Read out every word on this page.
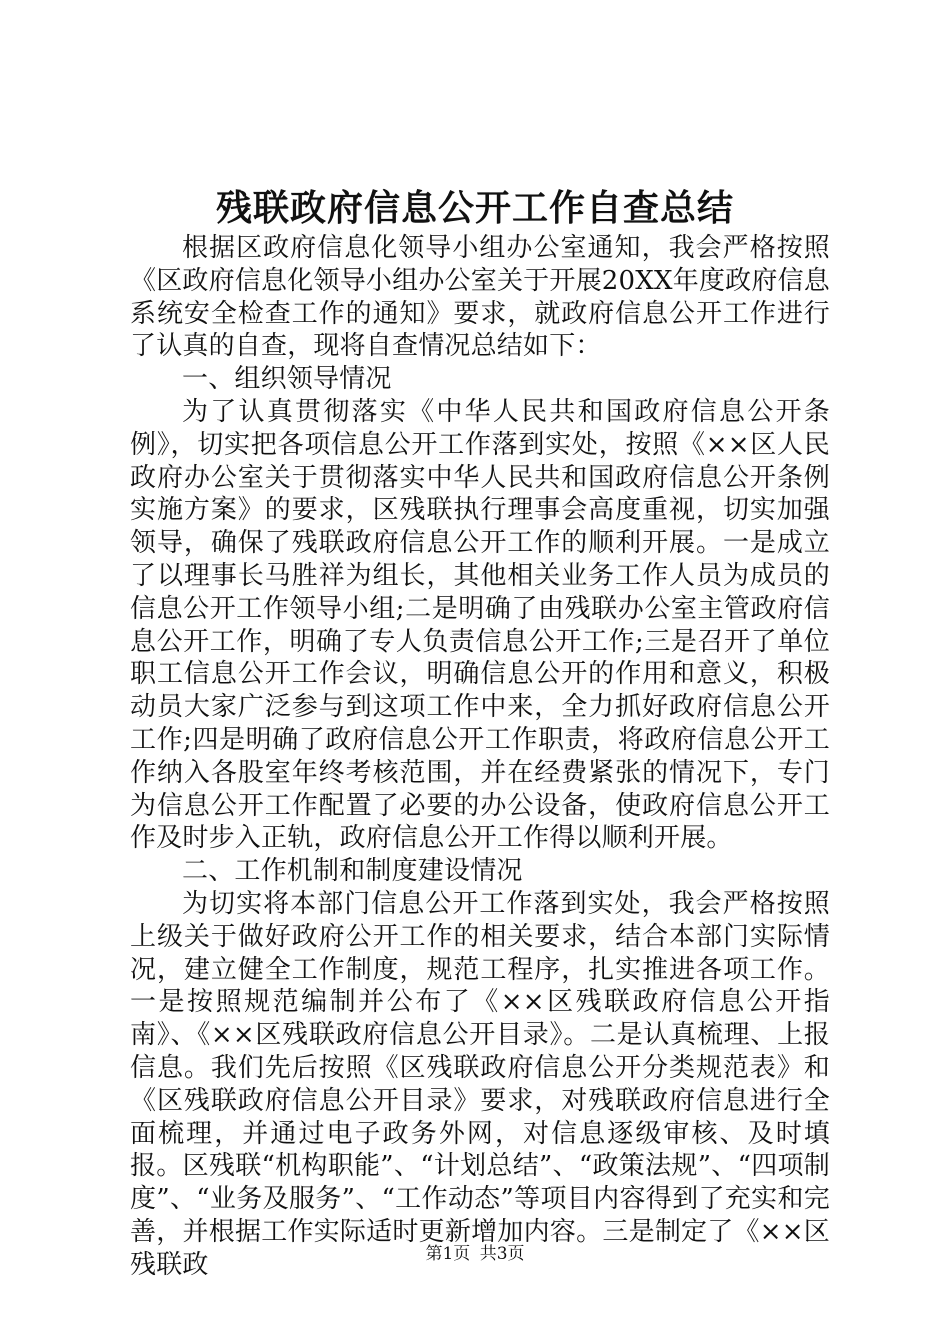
残联政府信息公开工作自查总结

根据区政府信息化领导小组办公室通知，我会严格按照《区政府信息化领导小组办公室关于开展20XX年度政府信息系统安全检查工作的通知》要求，就政府信息公开工作进行了认真的自查，现将自查情况总结如下：

一、组织领导情况

为了认真贯彻落实《中华人民共和国政府信息公开条例》，切实把各项信息公开工作落到实处，按照《××区人民政府办公室关于贯彻落实中华人民共和国政府信息公开条例实施方案》的要求，区残联执行理事会高度重视，切实加强领导，确保了残联政府信息公开工作的顺利开展。一是成立了以理事长马胜祥为组长，其他相关业务工作人员为成员的信息公开工作领导小组;二是明确了由残联办公室主管政府信息公开工作，明确了专人负责信息公开工作;三是召开了单位职工信息公开工作会议，明确信息公开的作用和意义，积极动员大家广泛参与到这项工作中来，全力抓好政府信息公开工作;四是明确了政府信息公开工作职责，将政府信息公开工作纳入各股室年终考核范围，并在经费紧张的情况下，专门为信息公开工作配置了必要的办公设备，使政府信息公开工作及时步入正轨，政府信息公开工作得以顺利开展。

二、工作机制和制度建设情况

为切实将本部门信息公开工作落到实处，我会严格按照上级关于做好政府公开工作的相关要求，结合本部门实际情况，建立健全工作制度，规范工程序，扎实推进各项工作。一是按照规范编制并公布了《××区残联政府信息公开指南》、《××区残联政府信息公开目录》。二是认真梳理、上报信息。我们先后按照《区残联政府信息公开分类规范表》和《区残联政府信息公开目录》要求，对残联政府信息进行全面梳理，并通过电子政务外网，对信息逐级审核、及时填报。区残联“机构职能”、“计划总结”、“政策法规”、“四项制度”、“业务及服务”、“工作动态”等项目内容得到了充实和完善，并根据工作实际适时更新增加内容。三是制定了《××区残联政	第1页 共3页
